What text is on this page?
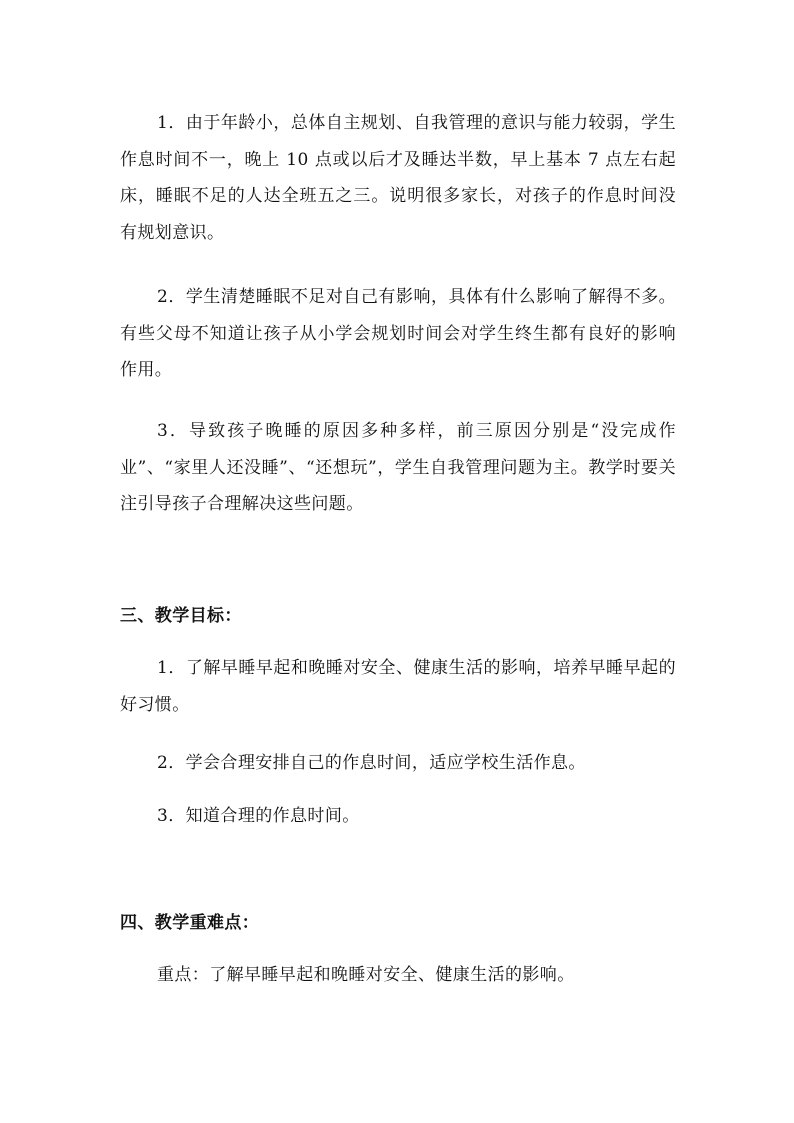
1．由于年龄小，总体自主规划、自我管理的意识与能力较弱，学生作息时间不一，晚上 10 点或以后才及睡达半数，早上基本 7 点左右起床，睡眠不足的人达全班五之三。说明很多家长，对孩子的作息时间没有规划意识。

2．学生清楚睡眠不足对自己有影响，具体有什么影响了解得不多。有些父母不知道让孩子从小学会规划时间会对学生终生都有良好的影响作用。

3．导致孩子晚睡的原因多种多样，前三原因分别是“没完成作业”、“家里人还没睡”、“还想玩”，学生自我管理问题为主。教学时要关注引导孩子合理解决这些问题。

三、教学目标：

1．了解早睡早起和晚睡对安全、健康生活的影响，培养早睡早起的好习惯。

2．学会合理安排自己的作息时间，适应学校生活作息。

3．知道合理的作息时间。

四、教学重难点：

重点：了解早睡早起和晚睡对安全、健康生活的影响。
